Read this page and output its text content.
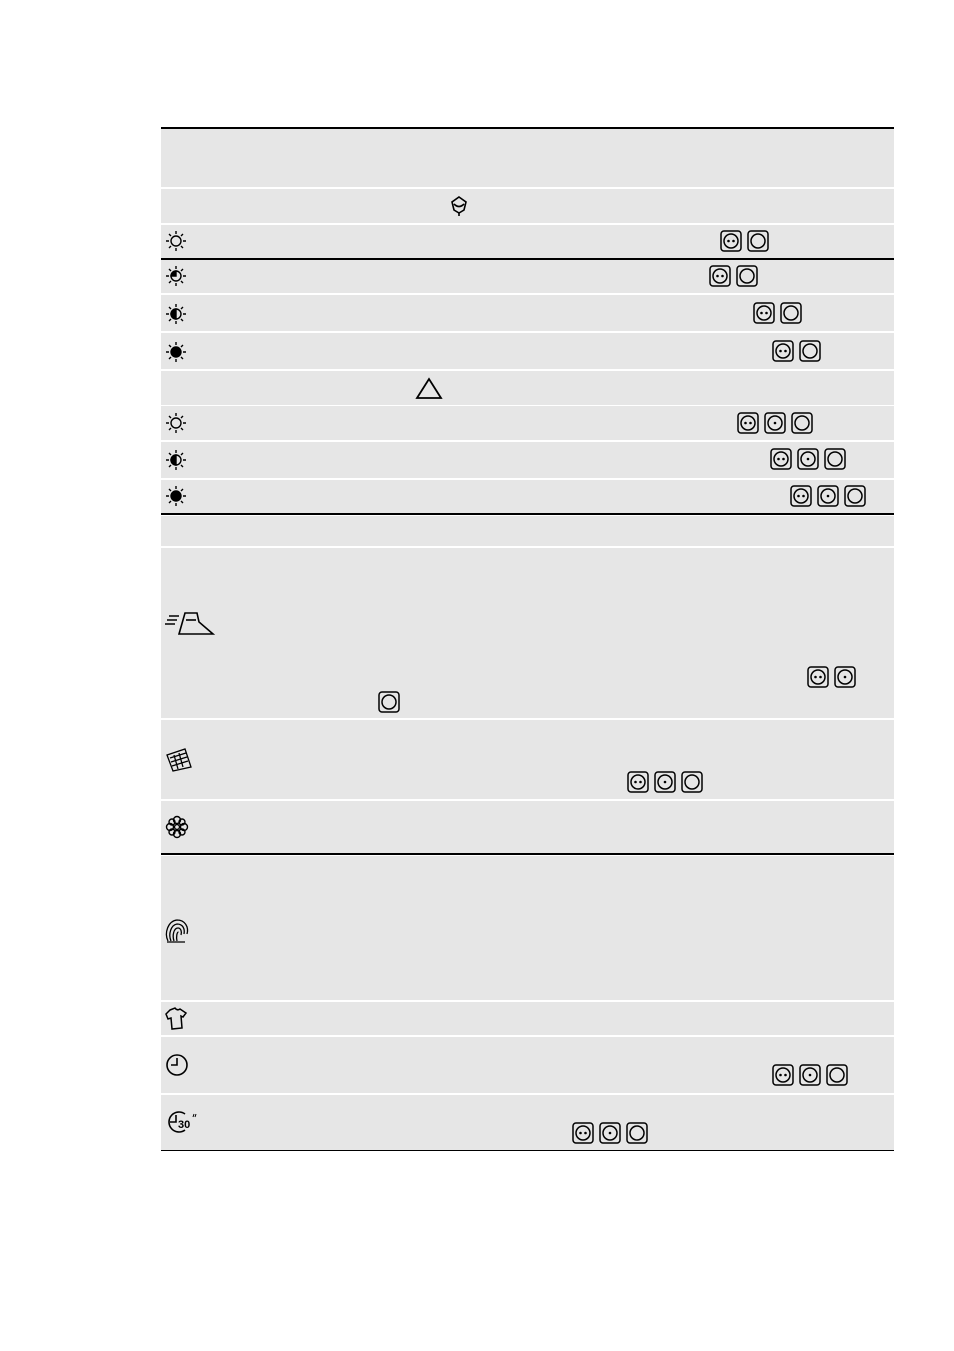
30
